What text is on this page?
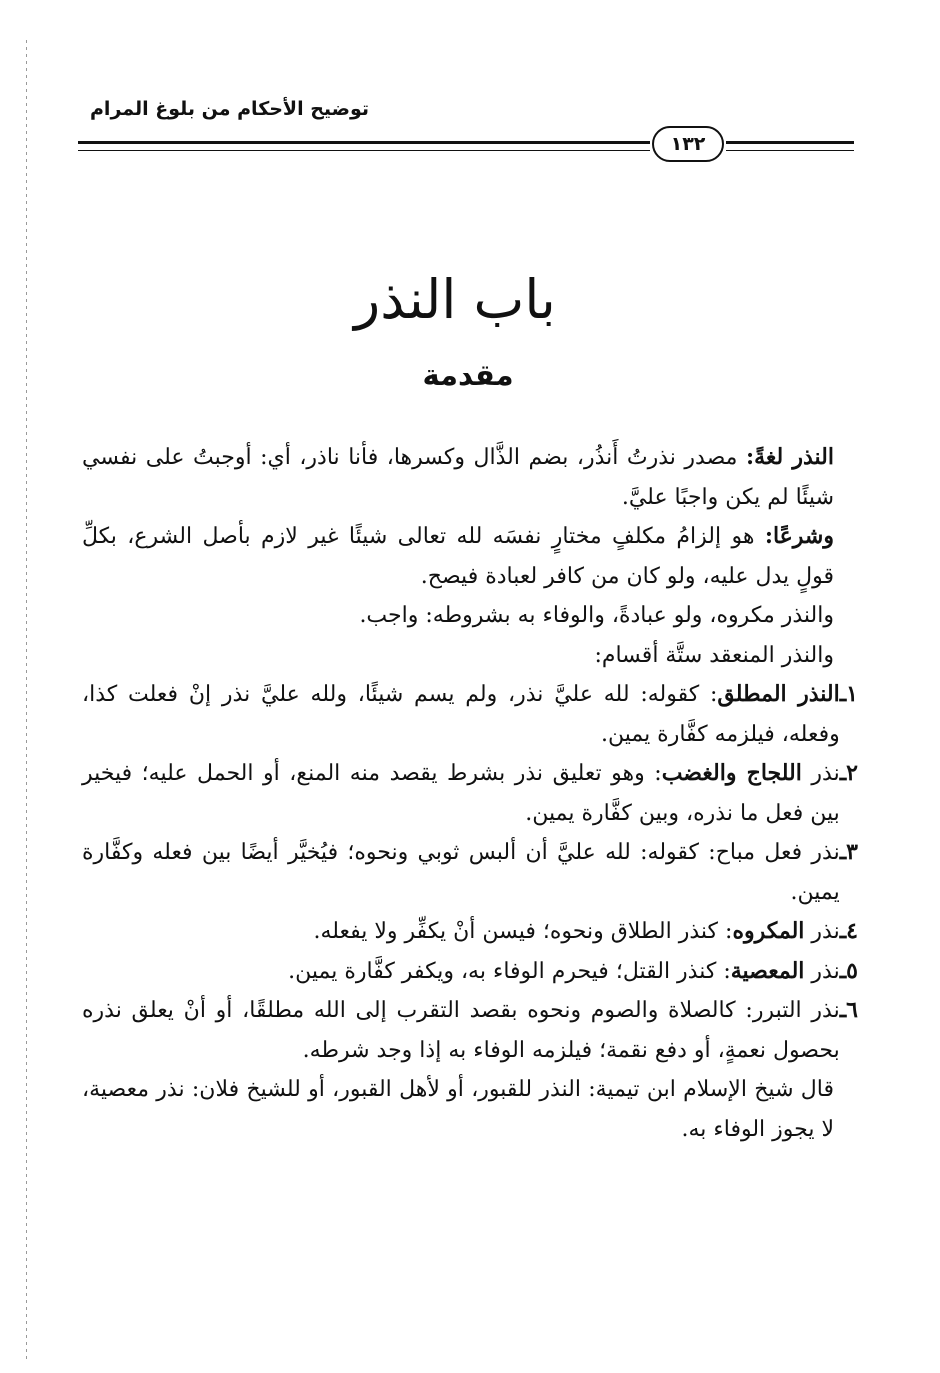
توضيح الأحكام من بلوغ المرام
١٣٢
باب النذر
مقدمة
النذر لغةً: مصدر نذرتُ أَنذُر، بضم الذَّال وكسرها، فأنا ناذر، أي: أوجبتُ على نفسي شيئًا لم يكن واجبًا عليَّ.
وشرعًا: هو إلزامُ مكلفٍ مختارٍ نفسَه لله تعالى شيئًا غير لازم بأصل الشرع، بكلِّ قولٍ يدل عليه، ولو كان من كافر لعبادة فيصح.
والنذر مكروه، ولو عبادةً، والوفاء به بشروطه: واجب.
والنذر المنعقد ستَّة أقسام:
١ـ
النذر المطلق: كقوله: لله عليَّ نذر، ولم يسم شيئًا، ولله عليَّ نذر إنْ فعلت كذا، وفعله، فيلزمه كفَّارة يمين.
٢ـ
نذر اللجاج والغضب: وهو تعليق نذر بشرط يقصد منه المنع، أو الحمل عليه؛ فيخير بين فعل ما نذره، وبين كفَّارة يمين.
٣ـ
نذر فعل مباح: كقوله: لله عليَّ أن ألبس ثوبي ونحوه؛ فيُخيَّر أيضًا بين فعله وكفَّارة يمين.
٤ـ
نذر المكروه: كنذر الطلاق ونحوه؛ فيسن أنْ يكفِّر ولا يفعله.
٥ـ
نذر المعصية: كنذر القتل؛ فيحرم الوفاء به، ويكفر كفَّارة يمين.
٦ـ
نذر التبرر: كالصلاة والصوم ونحوه بقصد التقرب إلى الله مطلقًا، أو أنْ يعلق نذره بحصول نعمةٍ، أو دفع نقمة؛ فيلزمه الوفاء به إذا وجد شرطه.
قال شيخ الإسلام ابن تيمية: النذر للقبور، أو لأهل القبور، أو للشيخ فلان: نذر معصية، لا يجوز الوفاء به.
